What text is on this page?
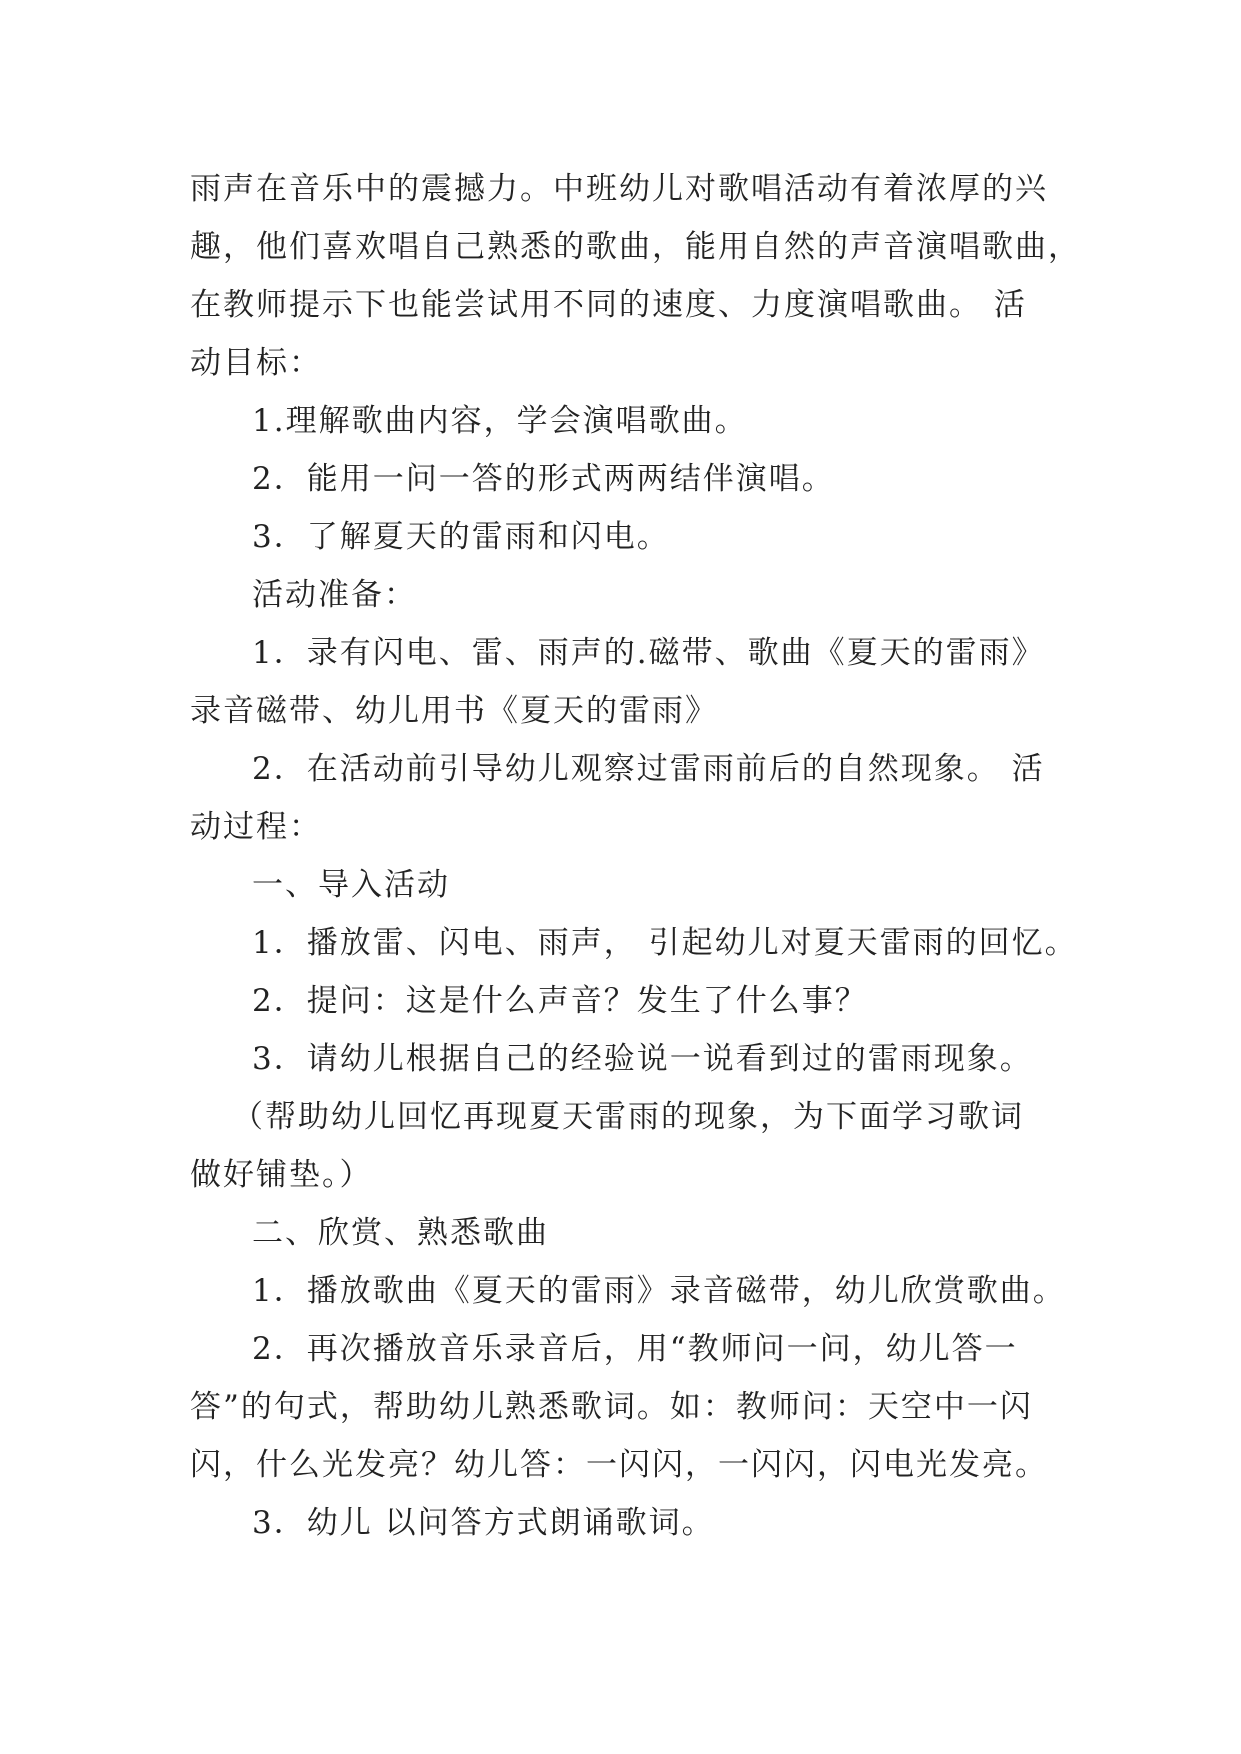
雨声在音乐中的震撼力。中班幼儿对歌唱活动有着浓厚的兴
趣，他们喜欢唱自己熟悉的歌曲，能用自然的声音演唱歌曲，
在教师提示下也能尝试用不同的速度、力度演唱歌曲。 活
动目标：
1.理解歌曲内容，学会演唱歌曲。
2．能用一问一答的形式两两结伴演唱。
3．了解夏天的雷雨和闪电。
活动准备：
1．录有闪电、雷、雨声的.磁带、歌曲《夏天的雷雨》
录音磁带、幼儿用书《夏天的雷雨》
2．在活动前引导幼儿观察过雷雨前后的自然现象。 活
动过程：
一、导入活动
1．播放雷、闪电、雨声， 引起幼儿对夏天雷雨的回忆。
2．提问：这是什么声音？发生了什么事？
3．请幼儿根据自己的经验说一说看到过的雷雨现象。
（帮助幼儿回忆再现夏天雷雨的现象，为下面学习歌词
做好铺垫。）
二、欣赏、熟悉歌曲
1．播放歌曲《夏天的雷雨》录音磁带，幼儿欣赏歌曲。
2．再次播放音乐录音后，用“教师问一问，幼儿答一
答”的句式，帮助幼儿熟悉歌词。如：教师问：天空中一闪
闪，什么光发亮？幼儿答：一闪闪，一闪闪，闪电光发亮。
3．幼儿 以问答方式朗诵歌词。
